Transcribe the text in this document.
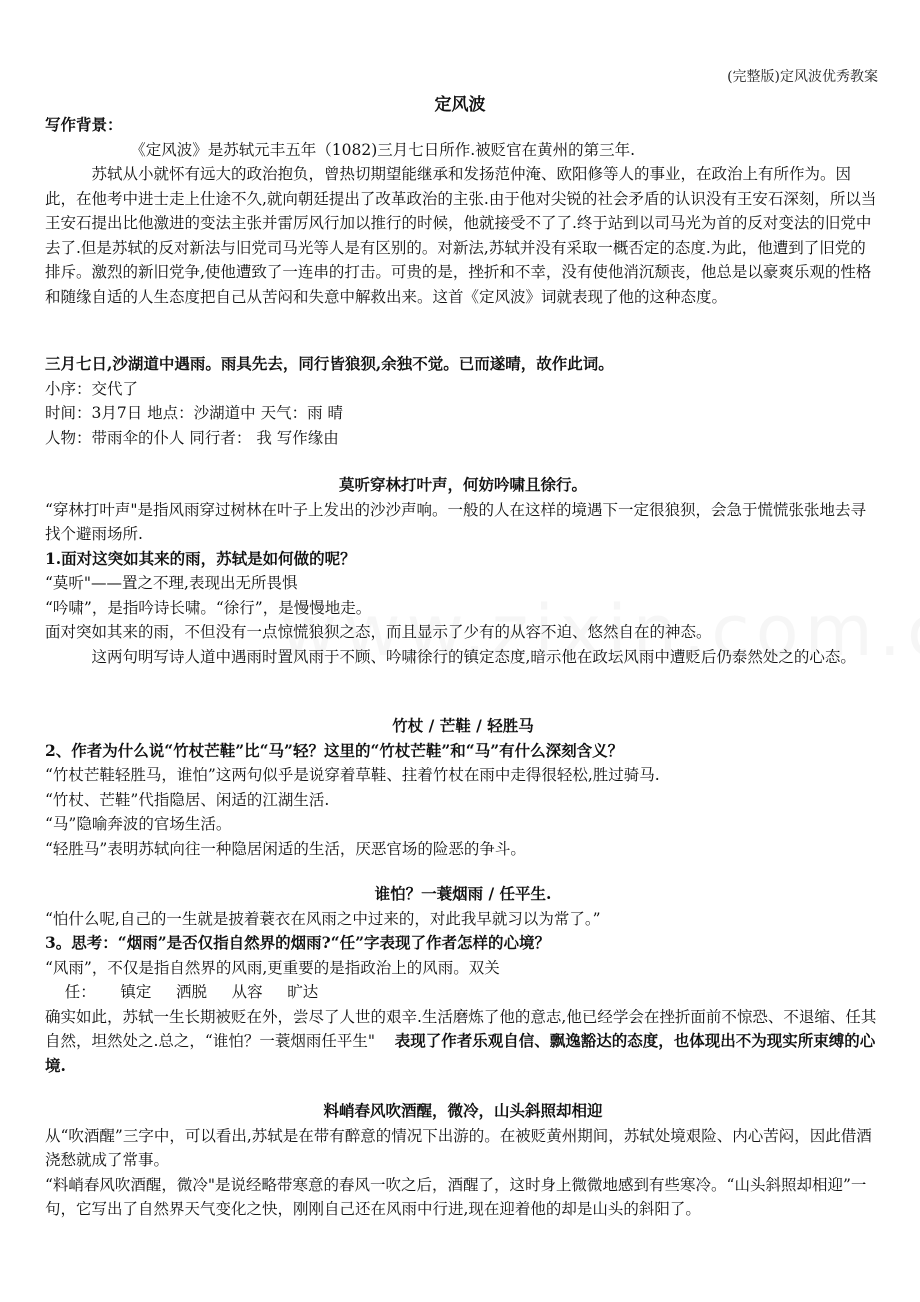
(完整版)定风波优秀教案
定风波
写作背景：
《定风波》是苏轼元丰五年（1082)三月七日所作.被贬官在黄州的第三年.
苏轼从小就怀有远大的政治抱负，曾热切期望能继承和发扬范仲淹、欧阳修等人的事业，在政治上有所作为。因此，在他考中进士走上仕途不久,就向朝廷提出了改革政治的主张.由于他对尖锐的社会矛盾的认识没有王安石深刻，所以当王安石提出比他激进的变法主张并雷厉风行加以推行的时候，他就接受不了了.终于站到以司马光为首的反对变法的旧党中去了.但是苏轼的反对新法与旧党司马光等人是有区别的。对新法,苏轼并没有采取一概否定的态度.为此，他遭到了旧党的排斥。激烈的新旧党争,使他遭致了一连串的打击。可贵的是，挫折和不幸，没有使他消沉颓丧，他总是以豪爽乐观的性格和随缘自适的人生态度把自己从苦闷和失意中解救出来。这首《定风波》词就表现了他的这种态度。
三月七日,沙湖道中遇雨。雨具先去，同行皆狼狈,余独不觉。已而遂晴，故作此词。
小序：交代了
时间：3月7日 地点：沙湖道中 天气：雨 晴
人物：带雨伞的仆人 同行者： 我 写作缘由
莫听穿林打叶声，何妨吟啸且徐行。
“穿林打叶声"是指风雨穿过树林在叶子上发出的沙沙声响。一般的人在这样的境遇下一定很狼狈，会急于慌慌张张地去寻找个避雨场所.
1.面对这突如其来的雨，苏轼是如何做的呢？
“莫听"——置之不理,表现出无所畏惧
“吟啸”，是指吟诗长啸。“徐行”，是慢慢地走。
面对突如其来的雨，不但没有一点惊慌狼狈之态，而且显示了少有的从容不迫、悠然自在的神态。
这两句明写诗人道中遇雨时置风雨于不顾、吟啸徐行的镇定态度,暗示他在政坛风雨中遭贬后仍泰然处之的心态。
竹杖 / 芒鞋 / 轻胜马
2、作者为什么说“竹杖芒鞋”比“马”轻？这里的“竹杖芒鞋”和“马”有什么深刻含义？
“竹杖芒鞋轻胜马，谁怕”这两句似乎是说穿着草鞋、拄着竹杖在雨中走得很轻松,胜过骑马.
“竹杖、芒鞋”代指隐居、闲适的江湖生活.
“马”隐喻奔波的官场生活。
“轻胜马”表明苏轼向往一种隐居闲适的生活，厌恶官场的险恶的争斗。
谁怕？一蓑烟雨 / 任平生.
“怕什么呢,自己的一生就是披着蓑衣在风雨之中过来的，对此我早就习以为常了。”
3。思考：“烟雨”是否仅指自然界的烟雨?“任”字表现了作者怎样的心境？
“风雨”，不仅是指自然界的风雨,更重要的是指政治上的风雨。双关
任：     镇定     洒脱     从容     旷达
确实如此，苏轼一生长期被贬在外，尝尽了人世的艰辛.生活磨炼了他的意志,他已经学会在挫折面前不惊恐、不退缩、任其自然，坦然处之.总之，“谁怕？一蓑烟雨任平生"    表现了作者乐观自信、飘逸豁达的态度，也体现出不为现实所束缚的心境.
料峭春风吹酒醒，微冷，山头斜照却相迎
从“吹酒醒”三字中，可以看出,苏轼是在带有醉意的情况下出游的。在被贬黄州期间，苏轼处境艰险、内心苦闷，因此借酒浇愁就成了常事。
“料峭春风吹酒醒，微冷"是说经略带寒意的春风一吹之后，酒醒了，这时身上微微地感到有些寒冷。“山头斜照却相迎”一句，它写出了自然界天气变化之快，刚刚自己还在风雨中行进,现在迎着他的却是山头的斜阳了。
